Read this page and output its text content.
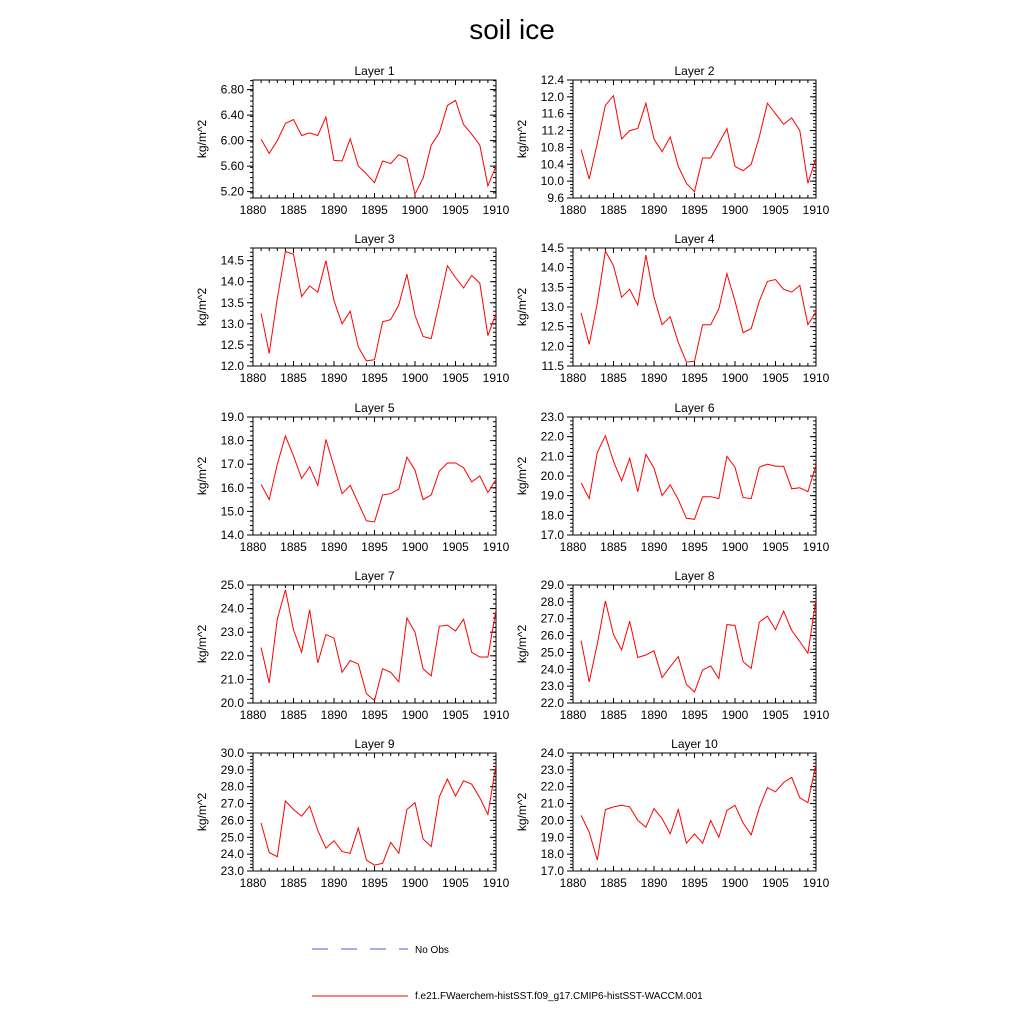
soil ice
Layer 1
kg/m^2
1880 1885 1890 1895 1900 1905 1910
5.20
5.60
6.00
6.40
6.80
Layer 2
kg/m^2
1880 1885 1890 1895 1900 1905 1910
9.6
10.0
10.4
10.8
11.2
11.6
12.0
12.4
Layer 3
kg/m^2
1880 1885 1890 1895 1900 1905 1910
12.0
12.5
13.0
13.5
14.0
14.5
Layer 4
kg/m^2
1880 1885 1890 1895 1900 1905 1910
11.5
12.0
12.5
13.0
13.5
14.0
14.5
Layer 5
kg/m^2
1880 1885 1890 1895 1900 1905 1910
14.0
15.0
16.0
17.0
18.0
19.0
Layer 6
kg/m^2
1880 1885 1890 1895 1900 1905 1910
17.0
18.0
19.0
20.0
21.0
22.0
23.0
Layer 7
kg/m^2
1880 1885 1890 1895 1900 1905 1910
20.0
21.0
22.0
23.0
24.0
25.0
Layer 8
kg/m^2
1880 1885 1890 1895 1900 1905 1910
22.0
23.0
24.0
25.0
26.0
27.0
28.0
29.0
Layer 9
kg/m^2
1880 1885 1890 1895 1900 1905 1910
23.0
24.0
25.0
26.0
27.0
28.0
29.0
30.0
Layer 10
kg/m^2
1880 1885 1890 1895 1900 1905 1910
17.0
18.0
19.0
20.0
21.0
22.0
23.0
24.0
No Obs
f.e21.FWaerchem-histSST.f09_g17.CMIP6-histSST-WACCM.001
